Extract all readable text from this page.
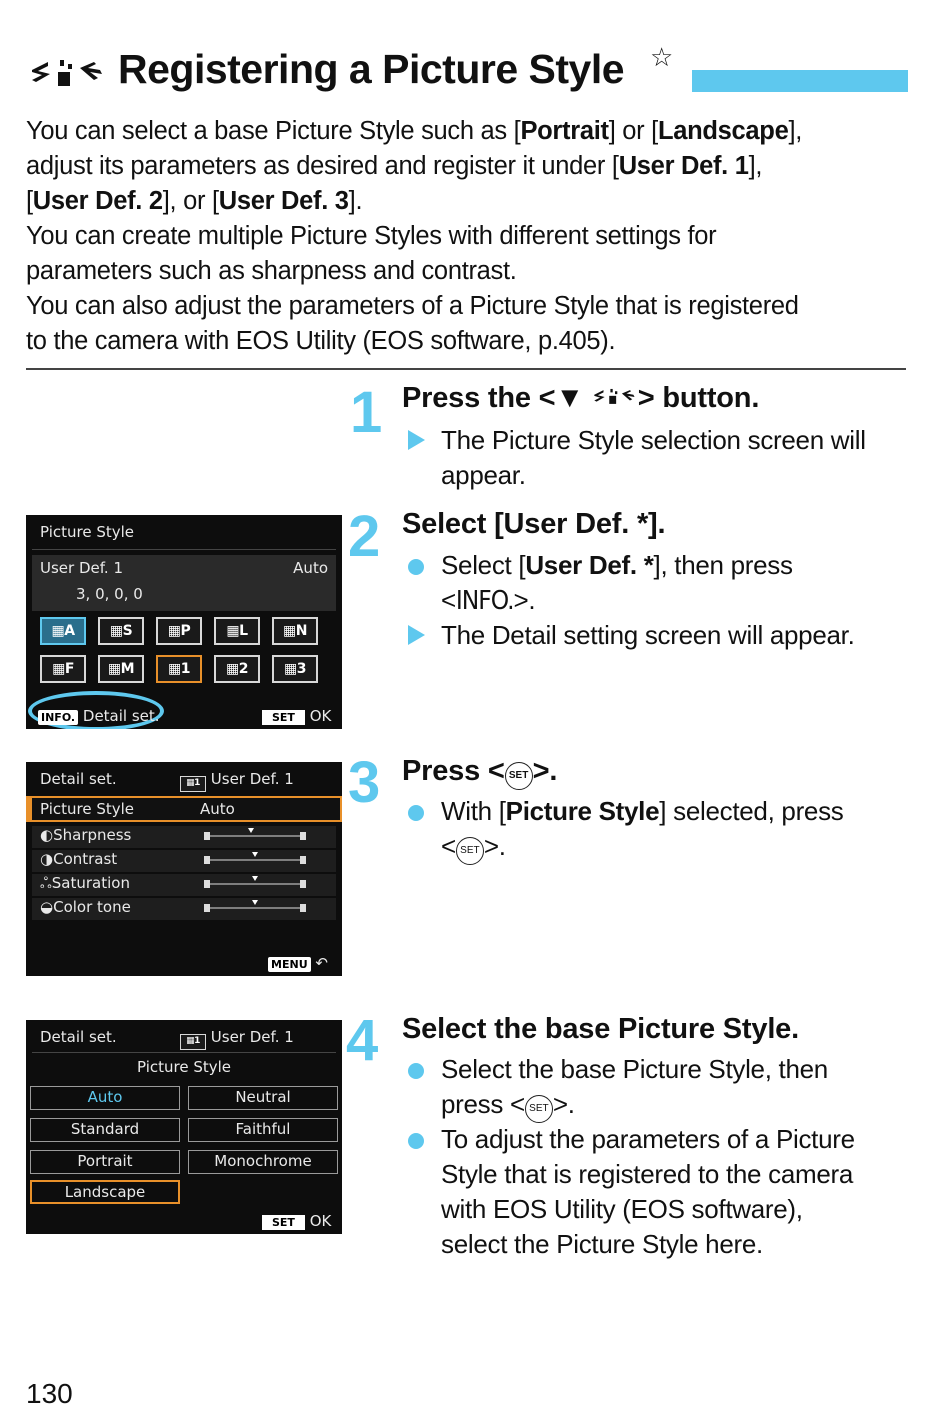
Registering a Picture Style ☆

You can select a base Picture Style such as [Portrait] or [Landscape],

adjust its parameters as desired and register it under [User Def. 1],

[User Def. 2], or [User Def. 3].

You can create multiple Picture Styles with different settings for

parameters such as sharpness and contrast.

You can also adjust the parameters of a Picture Style that is registered

to the camera with EOS Utility (EOS software, p.405).

1 Press the <▼ > button.
The Picture Style selection screen will
appear.
2 Select [User Def. *].
Select [User Def. *], then press
<INFO.>.
The Detail setting screen will appear.
3 Press < SET >.
With [Picture Style] selected, press
< SET >.
4 Select the base Picture Style.
Select the base Picture Style, then
press < SET >.
To adjust the parameters of a Picture
Style that is registered to the camera
with EOS Utility (EOS software),
select the Picture Style here.
Picture Style
User Def. 1	Auto
3, 0, 0, 0
▦A	▦S	▦P	▦L	▦N
▦F	▦M	▦1	▦2	▦3
INFO. Detail set.	SET OK
Detail set.	▦1 User Def. 1
Picture Style	Auto
◐Sharpness
◑Contrast
ஃSaturation
◒Color tone
MENU ↶
Detail set.	▦1 User Def. 1
Picture Style
Auto	Neutral
Standard	Faithful
Portrait	Monochrome
Landscape
SET OK
130
